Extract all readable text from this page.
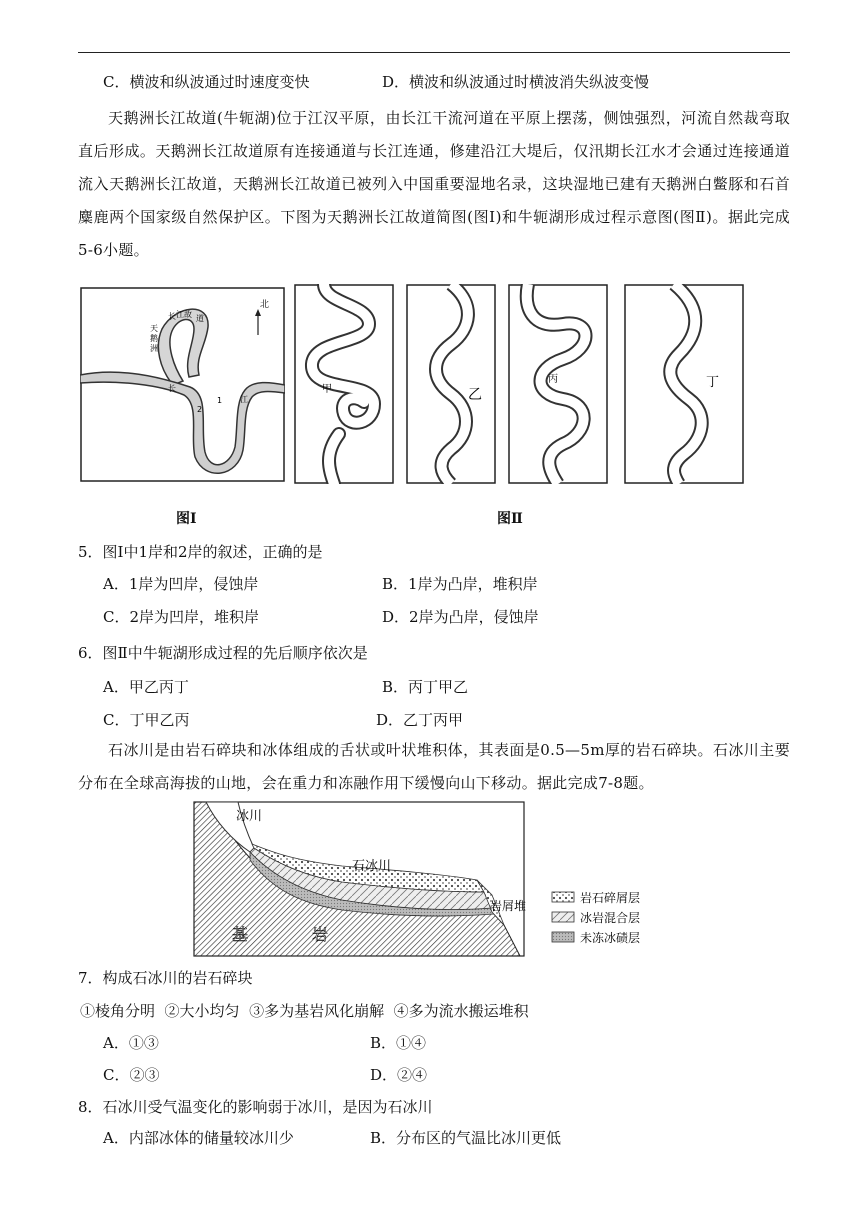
C．横波和纵波通过时速度变快	D．横波和纵波通过时横波消失纵波变慢
天鹅洲长江故道(牛轭湖)位于江汉平原，由长江干流河道在平原上摆荡，侧蚀强烈，河流自然裁弯取直后形成。天鹅洲长江故道原有连接通道与长江连通，修建沿江大堤后，仅汛期长江水才会通过连接通道流入天鹅洲长江故道，天鹅洲长江故道已被列入中国重要湿地名录，这块湿地已建有天鹅洲白鳖豚和石首麋鹿两个国家级自然保护区。下图为天鹅洲长江故道简图(图Ⅰ)和牛轭湖形成过程示意图(图Ⅱ)。据此完成5-6小题。
北
长 江 故 道
天
鹅
洲
长
江
1
2
甲	乙
丙	丁
图Ⅰ	图Ⅱ
5．图Ⅰ中1岸和2岸的叙述，正确的是
A．1岸为凹岸，侵蚀岸	B．1岸为凸岸，堆积岸
C．2岸为凹岸，堆积岸	D．2岸为凸岸，侵蚀岸
6．图Ⅱ中牛轭湖形成过程的先后顺序依次是
A．甲乙丙丁	B．丙丁甲乙
C．丁甲乙丙	D．乙丁丙甲
石冰川是由岩石碎块和冰体组成的舌状或叶状堆积体，其表面是0.5—5m厚的岩石碎块。石冰川主要分布在全球高海拔的山地，会在重力和冻融作用下缓慢向山下移动。据此完成7-8题。
冰川
石冰川
岩屑堆
基	岩
岩石碎屑层
冰岩混合层
未冻冰碛层
7．构成石冰川的岩石碎块
①棱角分明  ②大小均匀  ③多为基岩风化崩解  ④多为流水搬运堆积
A．①③	B．①④
C．②③	D．②④
8．石冰川受气温变化的影响弱于冰川，是因为石冰川
A．内部冰体的储量较冰川少	B．分布区的气温比冰川更低
